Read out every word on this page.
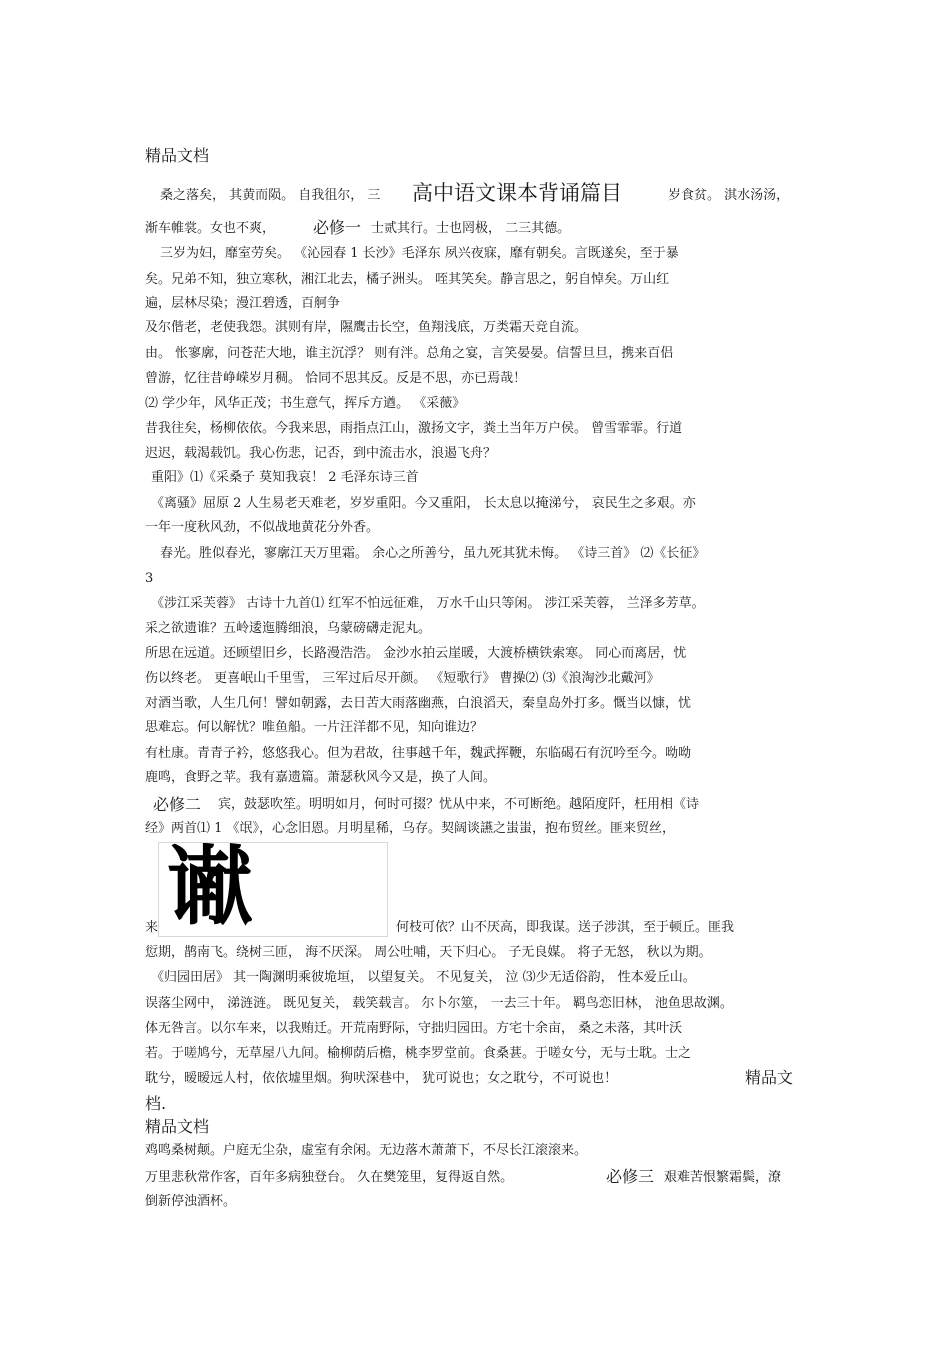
精品文档
桑之落矣， 其黄而陨。 自我徂尔， 三 高中语文课本背诵篇目	岁食贫。 淇水汤汤，
渐车帷裳。女也不爽， 必修一 士贰其行。士也罔极， 二三其德。
三岁为妇，靡室劳矣。 《沁园春 1 长沙》毛泽东 夙兴夜寐，靡有朝矣。言既遂矣，至于暴
矣。兄弟不知，独立寒秋，湘江北去，橘子洲头。 咥其笑矣。静言思之，躬自悼矣。万山红
遍，层林尽染；漫江碧透，百舸争
及尔偕老，老使我怨。淇则有岸，隰鹰击长空，鱼翔浅底，万类霜天竞自流。
由。 怅寥廓，问苍茫大地，谁主沉浮？ 则有泮。总角之宴，言笑晏晏。信誓旦旦，携来百侣
曾游，忆往昔峥嵘岁月稠。 恰同不思其反。反是不思，亦已焉哉！
⑵ 学少年，风华正茂；书生意气，挥斥方遒。 《采薇》
昔我往矣，杨柳依依。今我来思，雨指点江山，激扬文字，粪土当年万户侯。 曾雪霏霏。行道
迟迟，载渴载饥。我心伤悲，记否，到中流击水，浪遏飞舟？
重阳》⑴《采桑子 莫知我哀！ 2 毛泽东诗三首
《离骚》屈原 2 人生易老天难老，岁岁重阳。今又重阳， 长太息以掩涕兮， 哀民生之多艰。亦
一年一度秋风劲，不似战地黄花分外香。
春光。胜似春光，寥廓江天万里霜。 余心之所善兮，虽九死其犹未悔。 《诗三首》 ⑵《长征》
3
《涉江采芙蓉》 古诗十九首⑴ 红军不怕远征难， 万水千山只等闲。 涉江采芙蓉， 兰泽多芳草。
采之欲遗谁？五岭逶迤腾细浪，乌蒙磅礴走泥丸。
所思在远道。还顾望旧乡，长路漫浩浩。 金沙水拍云崖暖，大渡桥横铁索寒。 同心而离居，忧
伤以终老。 更喜岷山千里雪， 三军过后尽开颜。 《短歌行》 曹操⑵ ⑶《浪淘沙北戴河》
对酒当歌，人生几何！譬如朝露，去日苦大雨落幽燕，白浪滔天，秦皇岛外打多。慨当以慷，忧
思难忘。何以解忧？唯鱼船。一片汪洋都不见，知向谁边？
有杜康。青青子衿，悠悠我心。但为君故，往事越千年，魏武挥鞭，东临碣石有沉吟至今。呦呦
鹿鸣，食野之苹。我有嘉遗篇。萧瑟秋风今又是，换了人间。
必修二 宾，鼓瑟吹笙。明明如月，何时可掇？忧从中来，不可断绝。越陌度阡，枉用相《诗
经》两首⑴ 1 《氓》，心念旧恩。月明星稀，乌存。契阔谈讌之蚩蚩，抱布贸丝。匪来贸丝，
谳
来	何枝可依？山不厌高，即我谋。送子涉淇，至于顿丘。匪我
愆期，鹊南飞。绕树三匝， 海不厌深。 周公吐哺，天下归心。 子无良媒。 将子无怒， 秋以为期。
《归园田居》 其一陶渊明乘彼垝垣， 以望复关。 不见复关， 泣 ⑶少无适俗韵， 性本爱丘山。
误落尘网中， 涕涟涟。 既见复关， 载笑载言。 尔卜尔筮， 一去三十年。 羁鸟恋旧林， 池鱼思故渊。
体无咎言。以尔车来，以我贿迁。开荒南野际，守拙归园田。方宅十余亩， 桑之未落，其叶沃
若。于嗟鸠兮，无草屋八九间。榆柳荫后檐，桃李罗堂前。食桑葚。于嗟女兮，无与士耽。士之
耽兮，暧暧远人村，依依墟里烟。狗吠深巷中， 犹可说也；女之耽兮，不可说也！	精品文
档.
精品文档
鸡鸣桑树颠。户庭无尘杂，虚室有余闲。无边落木萧萧下，不尽长江滚滚来。
万里悲秋常作客，百年多病独登台。 久在樊笼里，复得返自然。	必修三 艰难苦恨繁霜鬓，潦
倒新停浊酒杯。
